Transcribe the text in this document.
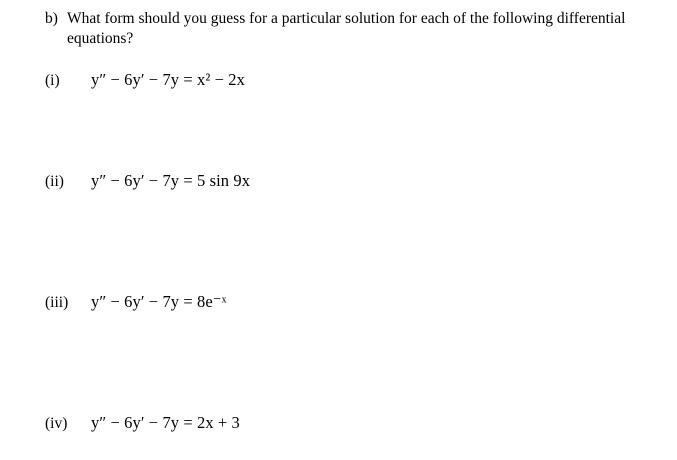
b) What form should you guess for a particular solution for each of the following differential equations?
(i)	y″ − 6y′ − 7y = x² − 2x
(ii)	y″ − 6y′ − 7y = 5 sin 9x
(iii)	y″ − 6y′ − 7y = 8e⁻ˣ
(iv)	y″ − 6y′ − 7y = 2x + 3
